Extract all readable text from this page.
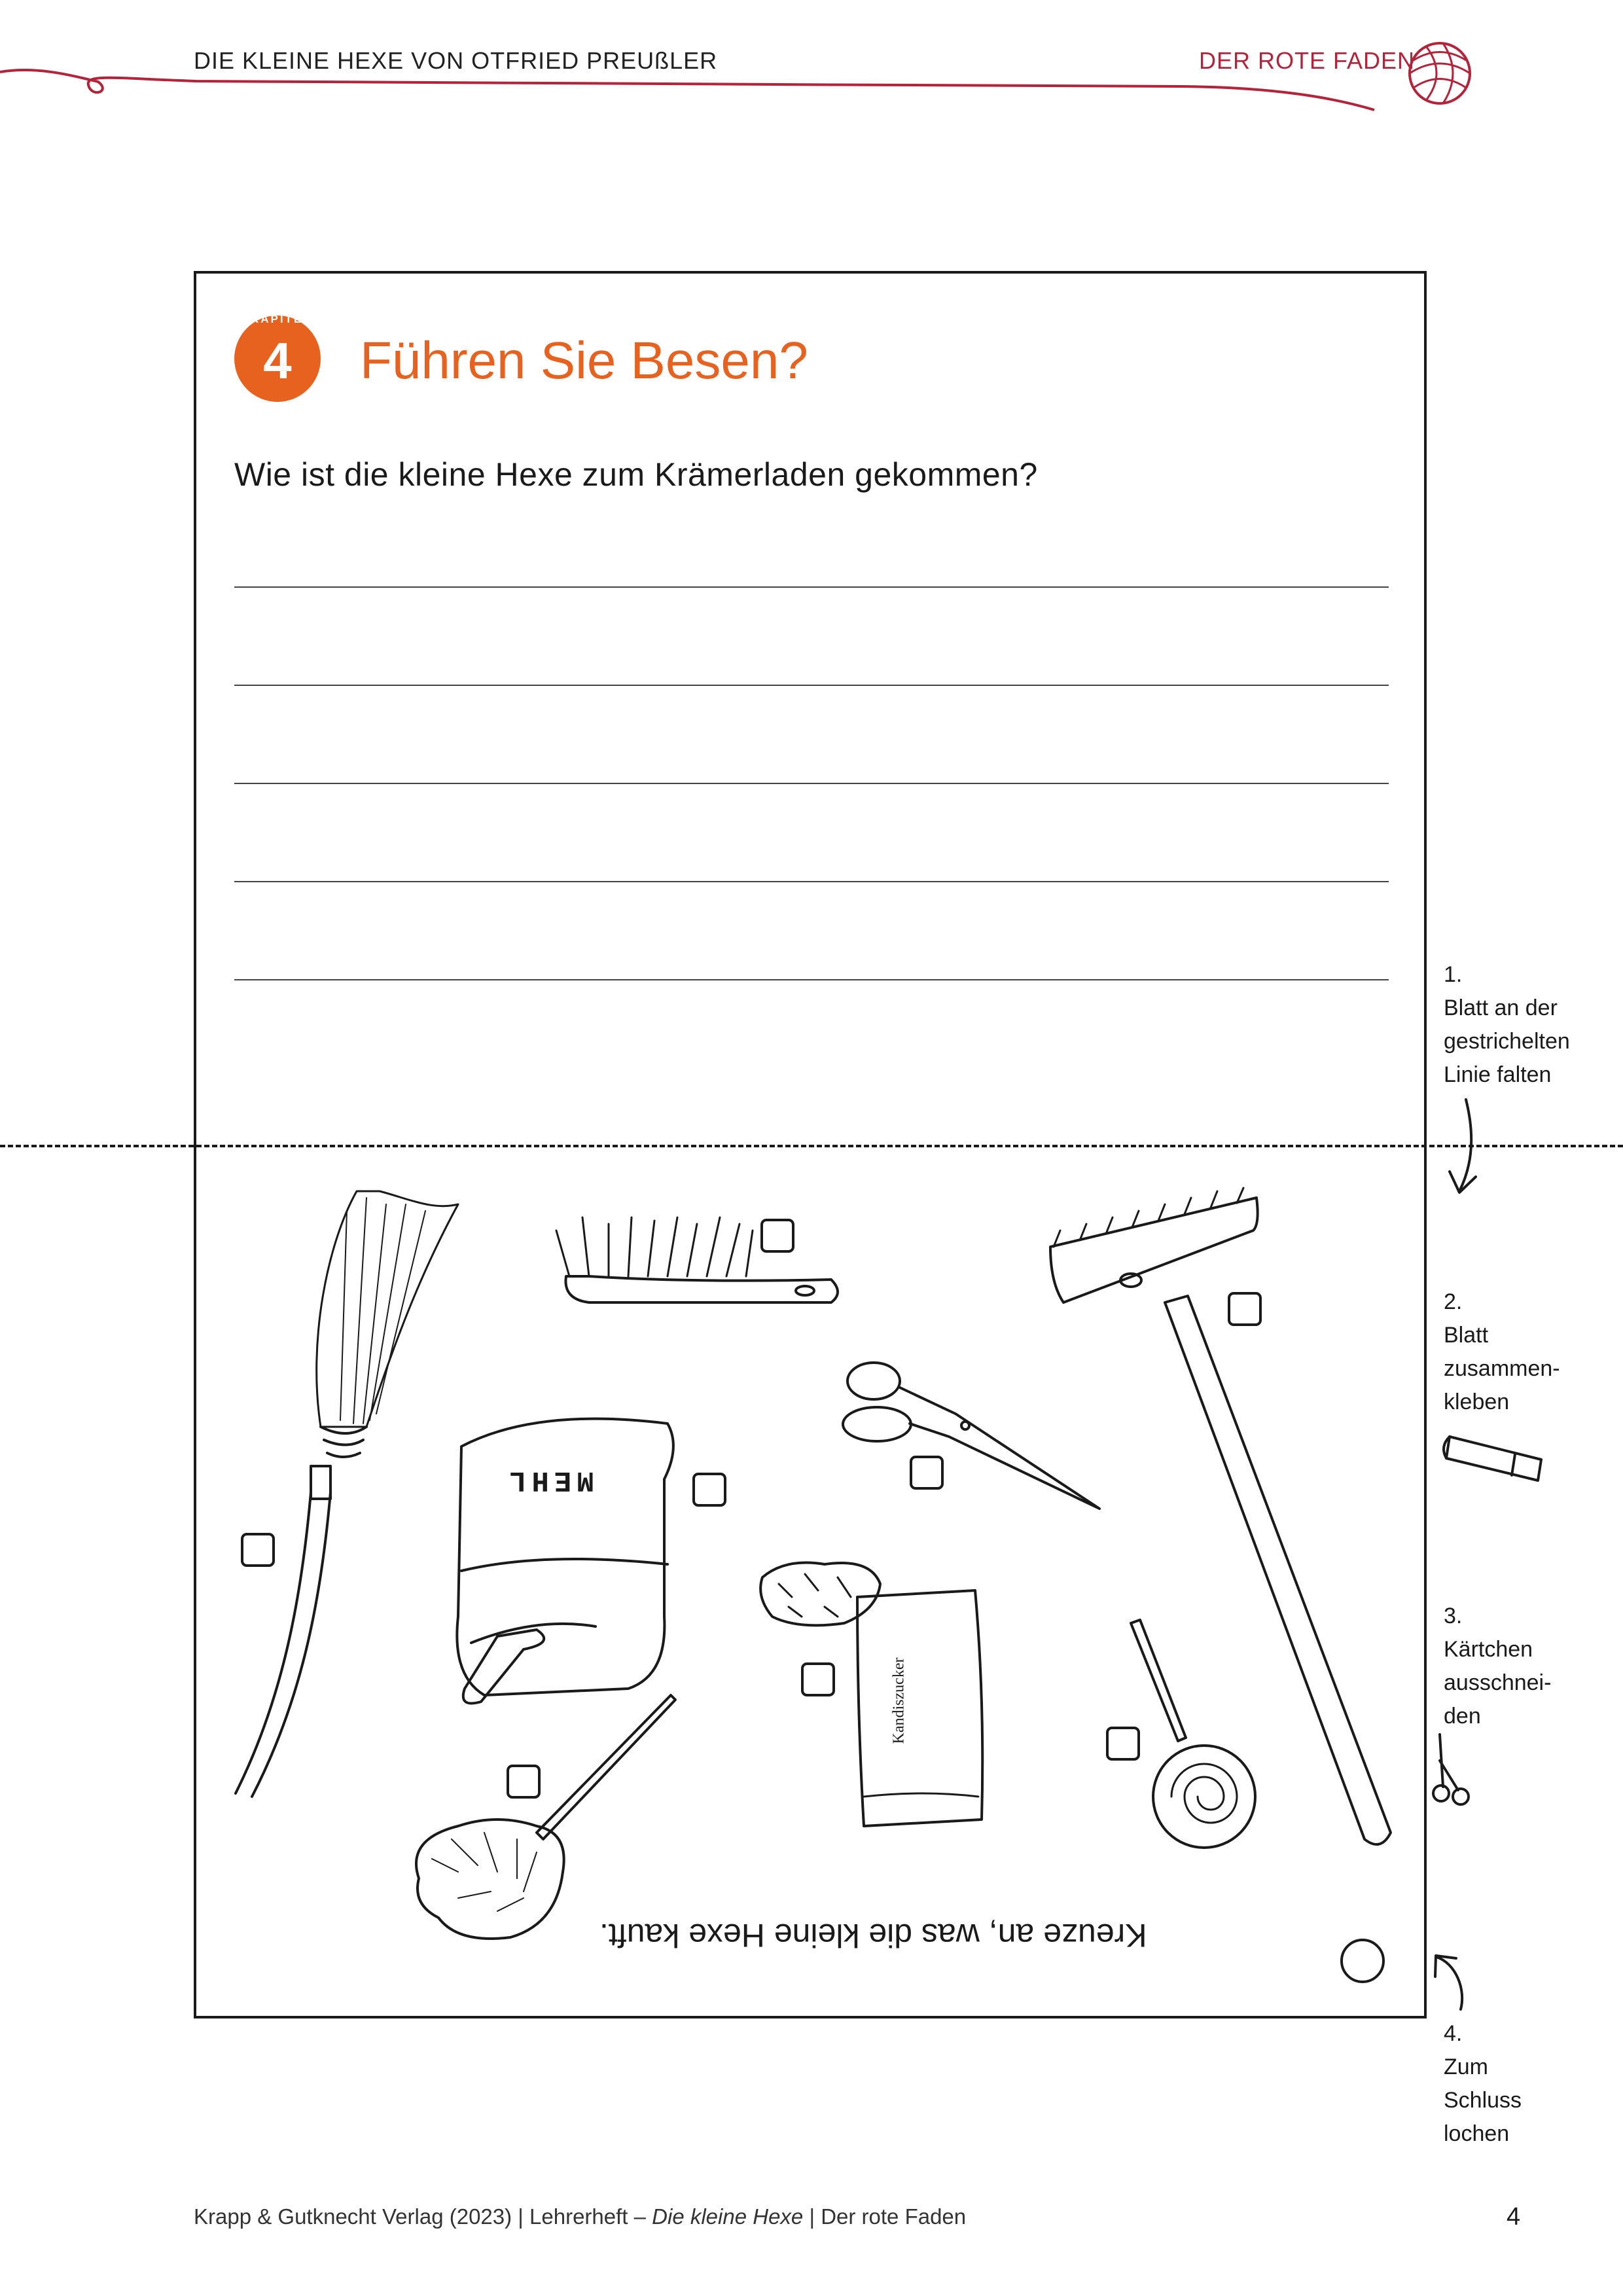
DIE KLEINE HEXE VON OTFRIED PREUßLER	DER ROTE FADEN
KAPITEL
4	Führen Sie Besen?
Wie ist die kleine Hexe zum Krämerladen gekommen?
MEHL
Kandiszucker
Kreuze an, was die kleine Hexe kauft.
1.
Blatt an der
gestrichelten
Linie falten
2.
Blatt
zusammen-
kleben
3.
Kärtchen
ausschnei-
den
4.
Zum
Schluss
lochen
Krapp & Gutknecht Verlag (2023) | Lehrerheft – Die kleine Hexe | Der rote Faden	4
